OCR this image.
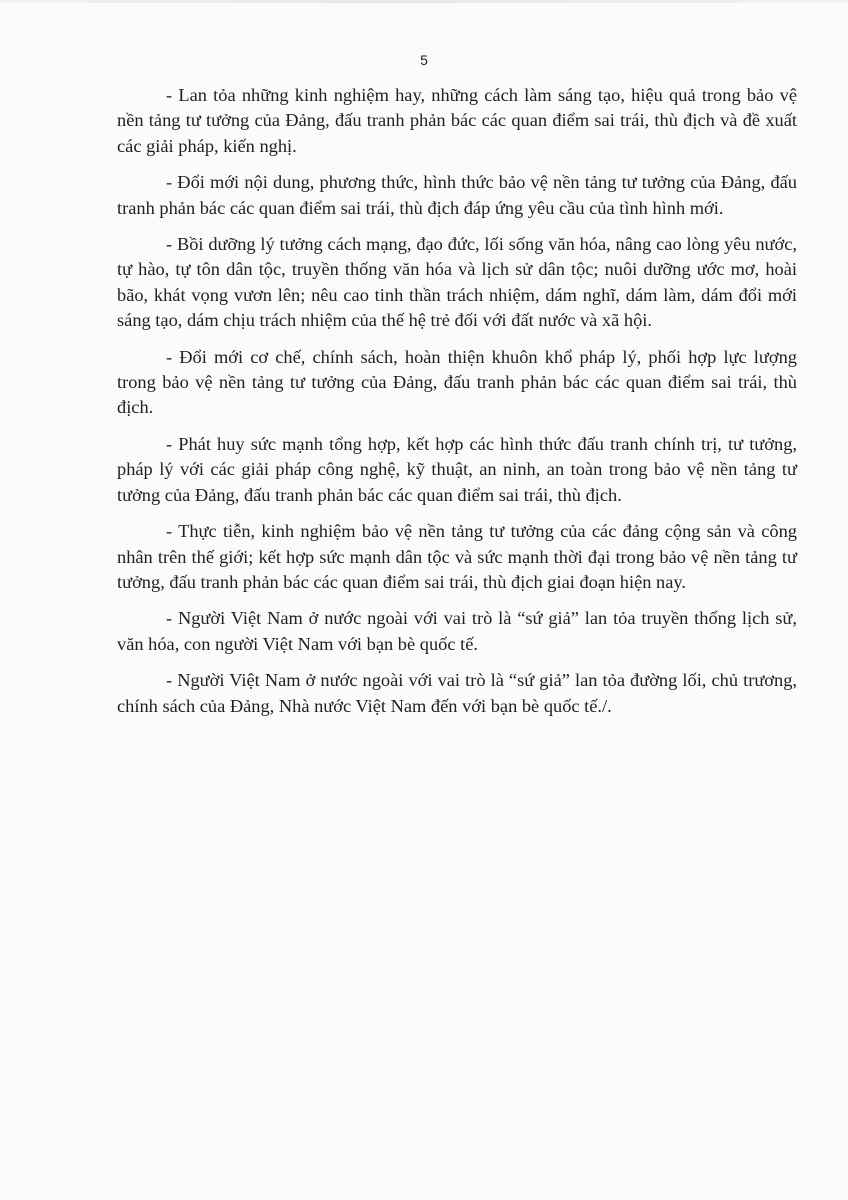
5

- Lan tỏa những kinh nghiệm hay, những cách làm sáng tạo, hiệu quả trong bảo vệ nền tảng tư tưởng của Đảng, đấu tranh phản bác các quan điểm sai trái, thù địch và đề xuất các giải pháp, kiến nghị.

- Đổi mới nội dung, phương thức, hình thức bảo vệ nền tảng tư tưởng của Đảng, đấu tranh phản bác các quan điểm sai trái, thù địch đáp ứng yêu cầu của tình hình mới.

- Bồi dưỡng lý tưởng cách mạng, đạo đức, lối sống văn hóa, nâng cao lòng yêu nước, tự hào, tự tôn dân tộc, truyền thống văn hóa và lịch sử dân tộc; nuôi dưỡng ước mơ, hoài bão, khát vọng vươn lên; nêu cao tinh thần trách nhiệm, dám nghĩ, dám làm, dám đổi mới sáng tạo, dám chịu trách nhiệm của thế hệ trẻ đối với đất nước và xã hội.

- Đổi mới cơ chế, chính sách, hoàn thiện khuôn khổ pháp lý, phối hợp lực lượng trong bảo vệ nền tảng tư tưởng của Đảng, đấu tranh phản bác các quan điểm sai trái, thù địch.

- Phát huy sức mạnh tổng hợp, kết hợp các hình thức đấu tranh chính trị, tư tưởng, pháp lý với các giải pháp công nghệ, kỹ thuật, an ninh, an toàn trong bảo vệ nền tảng tư tưởng của Đảng, đấu tranh phản bác các quan điểm sai trái, thù địch.

- Thực tiễn, kinh nghiệm bảo vệ nền tảng tư tưởng của các đảng cộng sản và công nhân trên thế giới; kết hợp sức mạnh dân tộc và sức mạnh thời đại trong bảo vệ nền tảng tư tưởng, đấu tranh phản bác các quan điểm sai trái, thù địch giai đoạn hiện nay.

- Người Việt Nam ở nước ngoài với vai trò là “sứ giả” lan tỏa truyền thống lịch sử, văn hóa, con người Việt Nam với bạn bè quốc tế.

- Người Việt Nam ở nước ngoài với vai trò là “sứ giả” lan tỏa đường lối, chủ trương, chính sách của Đảng, Nhà nước Việt Nam đến với bạn bè quốc tế./.
